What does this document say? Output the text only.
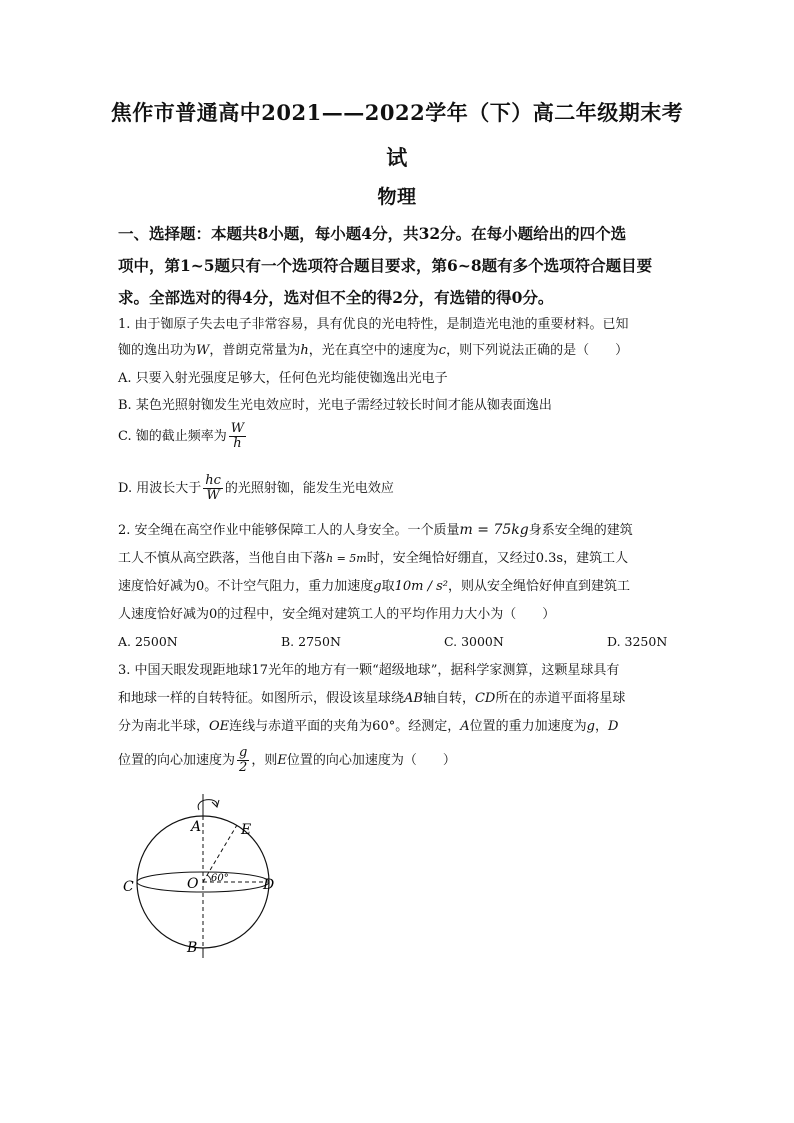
焦作市普通高中2021——2022学年（下）高二年级期末考
试
物理
一、选择题：本题共8小题，每小题4分，共32分。在每小题给出的四个选
项中，第1~5题只有一个选项符合题目要求，第6~8题有多个选项符合题目要
求。全部选对的得4分，选对但不全的得2分，有选错的得0分。
1. 由于铷原子失去电子非常容易，具有优良的光电特性，是制造光电池的重要材料。已知
铷的逸出功为W，普朗克常量为h，光在真空中的速度为c，则下列说法正确的是（　　）
A. 只要入射光强度足够大，任何色光均能使铷逸出光电子
B. 某色光照射铷发生光电效应时，光电子需经过较长时间才能从铷表面逸出
C. 铷的截止频率为 $\frac{W}{h}$
D. 用波长大于 $\frac{hc}{W}$ 的光照射铷，能发生光电效应
2. 安全绳在高空作业中能够保障工人的人身安全。一个质量m = 75kg身系安全绳的建筑
工人不慎从高空跌落，当他自由下落h = 5m时，安全绳恰好绷直，又经过0.3s，建筑工人
速度恰好减为0。不计空气阻力，重力加速度g取10m / s²，则从安全绳恰好伸直到建筑工
人速度恰好减为0的过程中，安全绳对建筑工人的平均作用力大小为（　　）
A. 2500N	B. 2750N	C. 3000N	D. 3250N
3. 中国天眼发现距地球17光年的地方有一颗“超级地球”，据科学家测算，这颗星球具有
和地球一样的自转特征。如图所示，假设该星球绕AB轴自转，CD所在的赤道平面将星球
分为南北半球，OE连线与赤道平面的夹角为60°。经测定，A位置的重力加速度为g，D
位置的向心加速度为 $\frac{g}{2}$ ，则E位置的向心加速度为（　　）
60°
A	E
C	O	D
B
